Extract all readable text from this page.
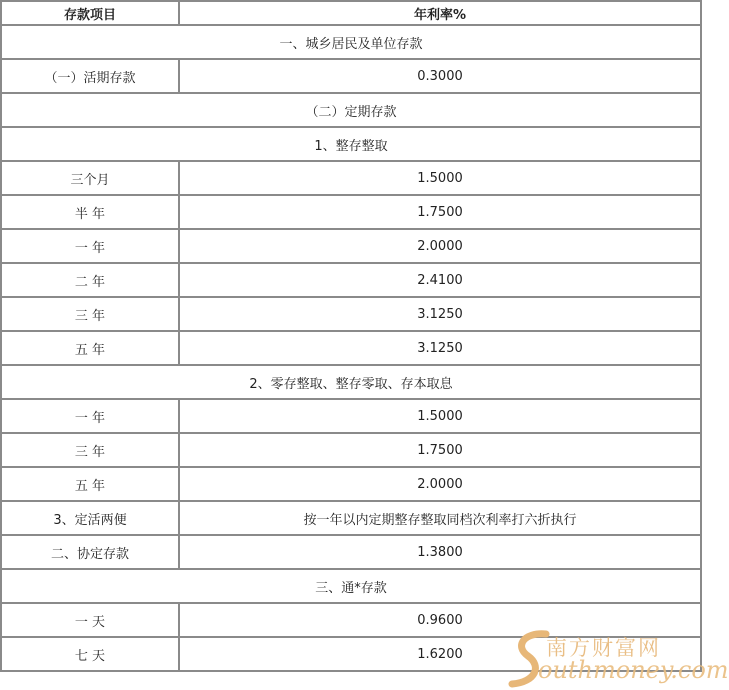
存款项目	年利率%
一、城乡居民及单位存款	
（一）活期存款	0.3000
（二）定期存款	
1、整存整取	
三个月	1.5000
半 年	1.7500
一 年	2.0000
二 年	2.4100
三 年	3.1250
五 年	3.1250
2、零存整取、整存零取、存本取息	
一 年	1.5000
三 年	1.7500
五 年	2.0000
3、定活两便	按一年以内定期整存整取同档次利率打六折执行
二、协定存款	1.3800
三、通*存款	
一 天	0.9600
七 天	1.6200	南方财富网
outhmoney.com
